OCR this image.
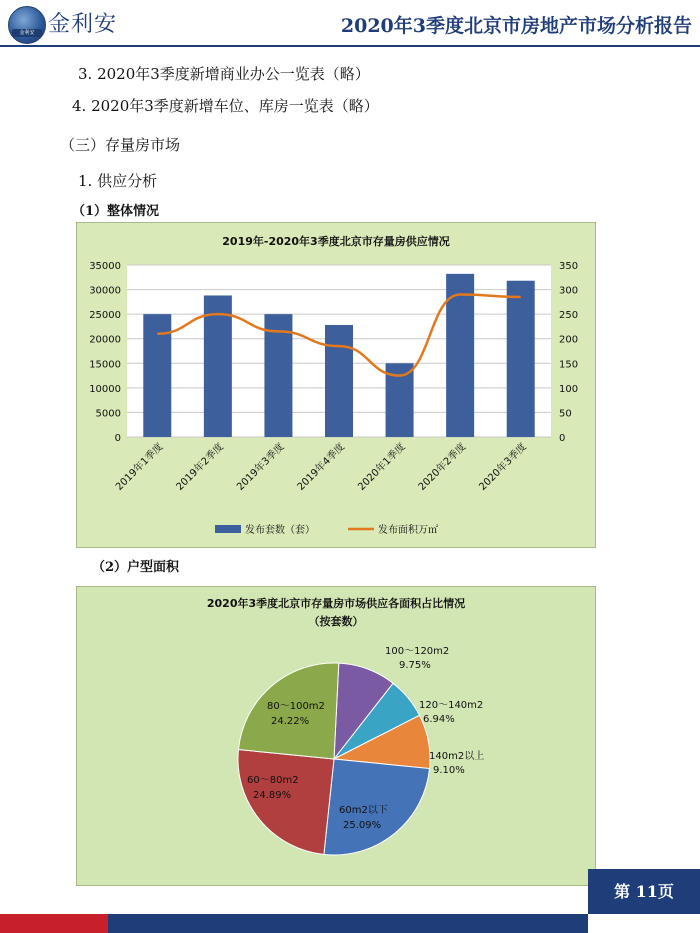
金利安 金利安	2020年3季度北京市房地产市场分析报告
3. 2020年3季度新增商业办公一览表（略）
4. 2020年3季度新增车位、库房一览表（略）
（三）存量房市场
1. 供应分析
（1）整体情况
（2）户型面积
2019年-2020年3季度北京市存量房供应情况
35000
30000
25000
20000
15000
10000
5000
0
350
300
250
200
150
100
50
0
2019年1季度 2019年2季度 2019年3季度 2019年4季度 2020年1季度 2020年2季度 2020年3季度
发布套数（套）	发布面积万㎡
2020年3季度北京市存量房市场供应各面积占比情况
（按套数）
100～120m2
9.75%
120～140m2
6.94%
140m2以上
9.10%
60m2以下
25.09%
60～80m2
24.89%
80～100m2
24.22%
第 11页
